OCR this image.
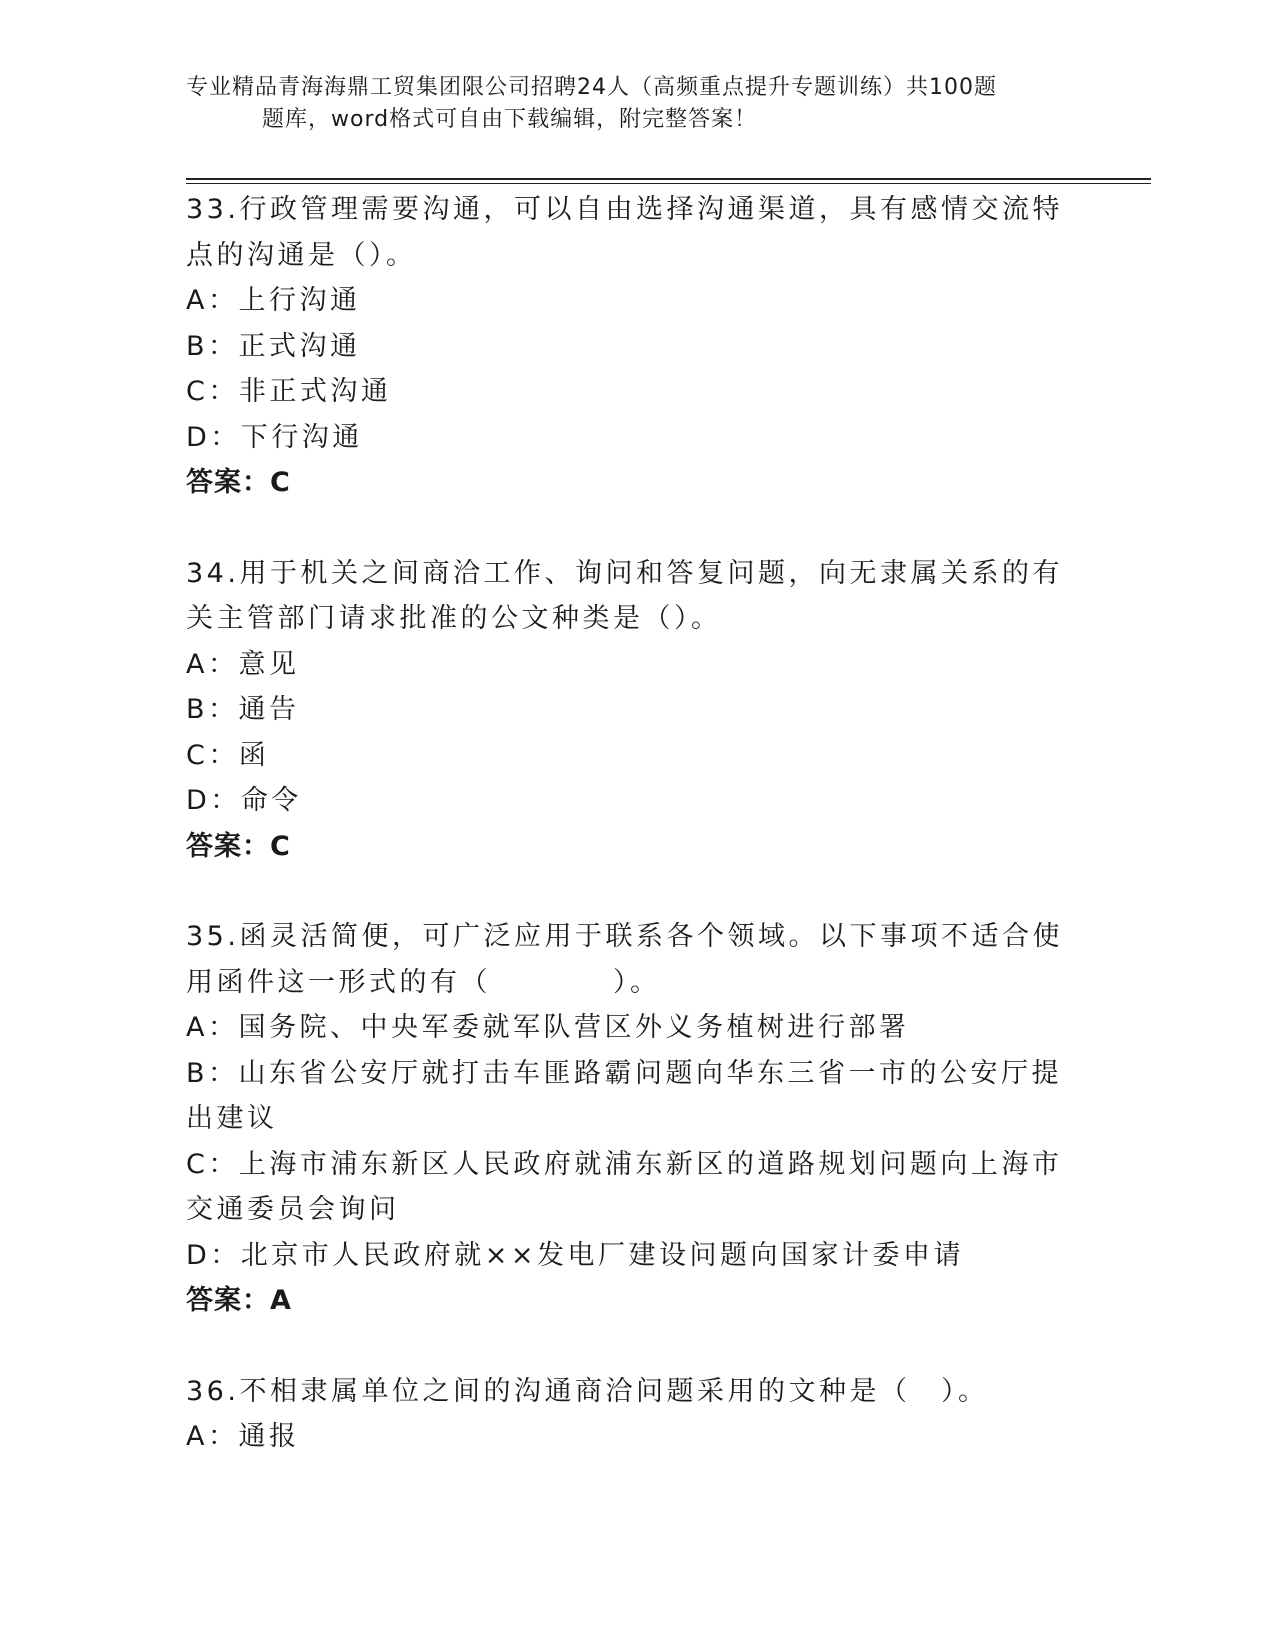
专业精品青海海鼎工贸集团限公司招聘24人（高频重点提升专题训练）共100题
题库，word格式可自由下载编辑，附完整答案！

33.行政管理需要沟通，可以自由选择沟通渠道，具有感情交流特点的沟通是（）。

A：上行沟通

B：正式沟通

C：非正式沟通

D：下行沟通

答案：C

34.用于机关之间商洽工作、询问和答复问题，向无隶属关系的有关主管部门请求批准的公文种类是（）。

A：意见

B：通告

C：函

D：命令

答案：C

35.函灵活简便，可广泛应用于联系各个领域。以下事项不适合使用函件这一形式的有（　　　　）。

A：国务院、中央军委就军队营区外义务植树进行部署

B：山东省公安厅就打击车匪路霸问题向华东三省一市的公安厅提出建议

C：上海市浦东新区人民政府就浦东新区的道路规划问题向上海市交通委员会询问

D：北京市人民政府就××发电厂建设问题向国家计委申请

答案：A

36.不相隶属单位之间的沟通商洽问题采用的文种是（　）。

A：通报
